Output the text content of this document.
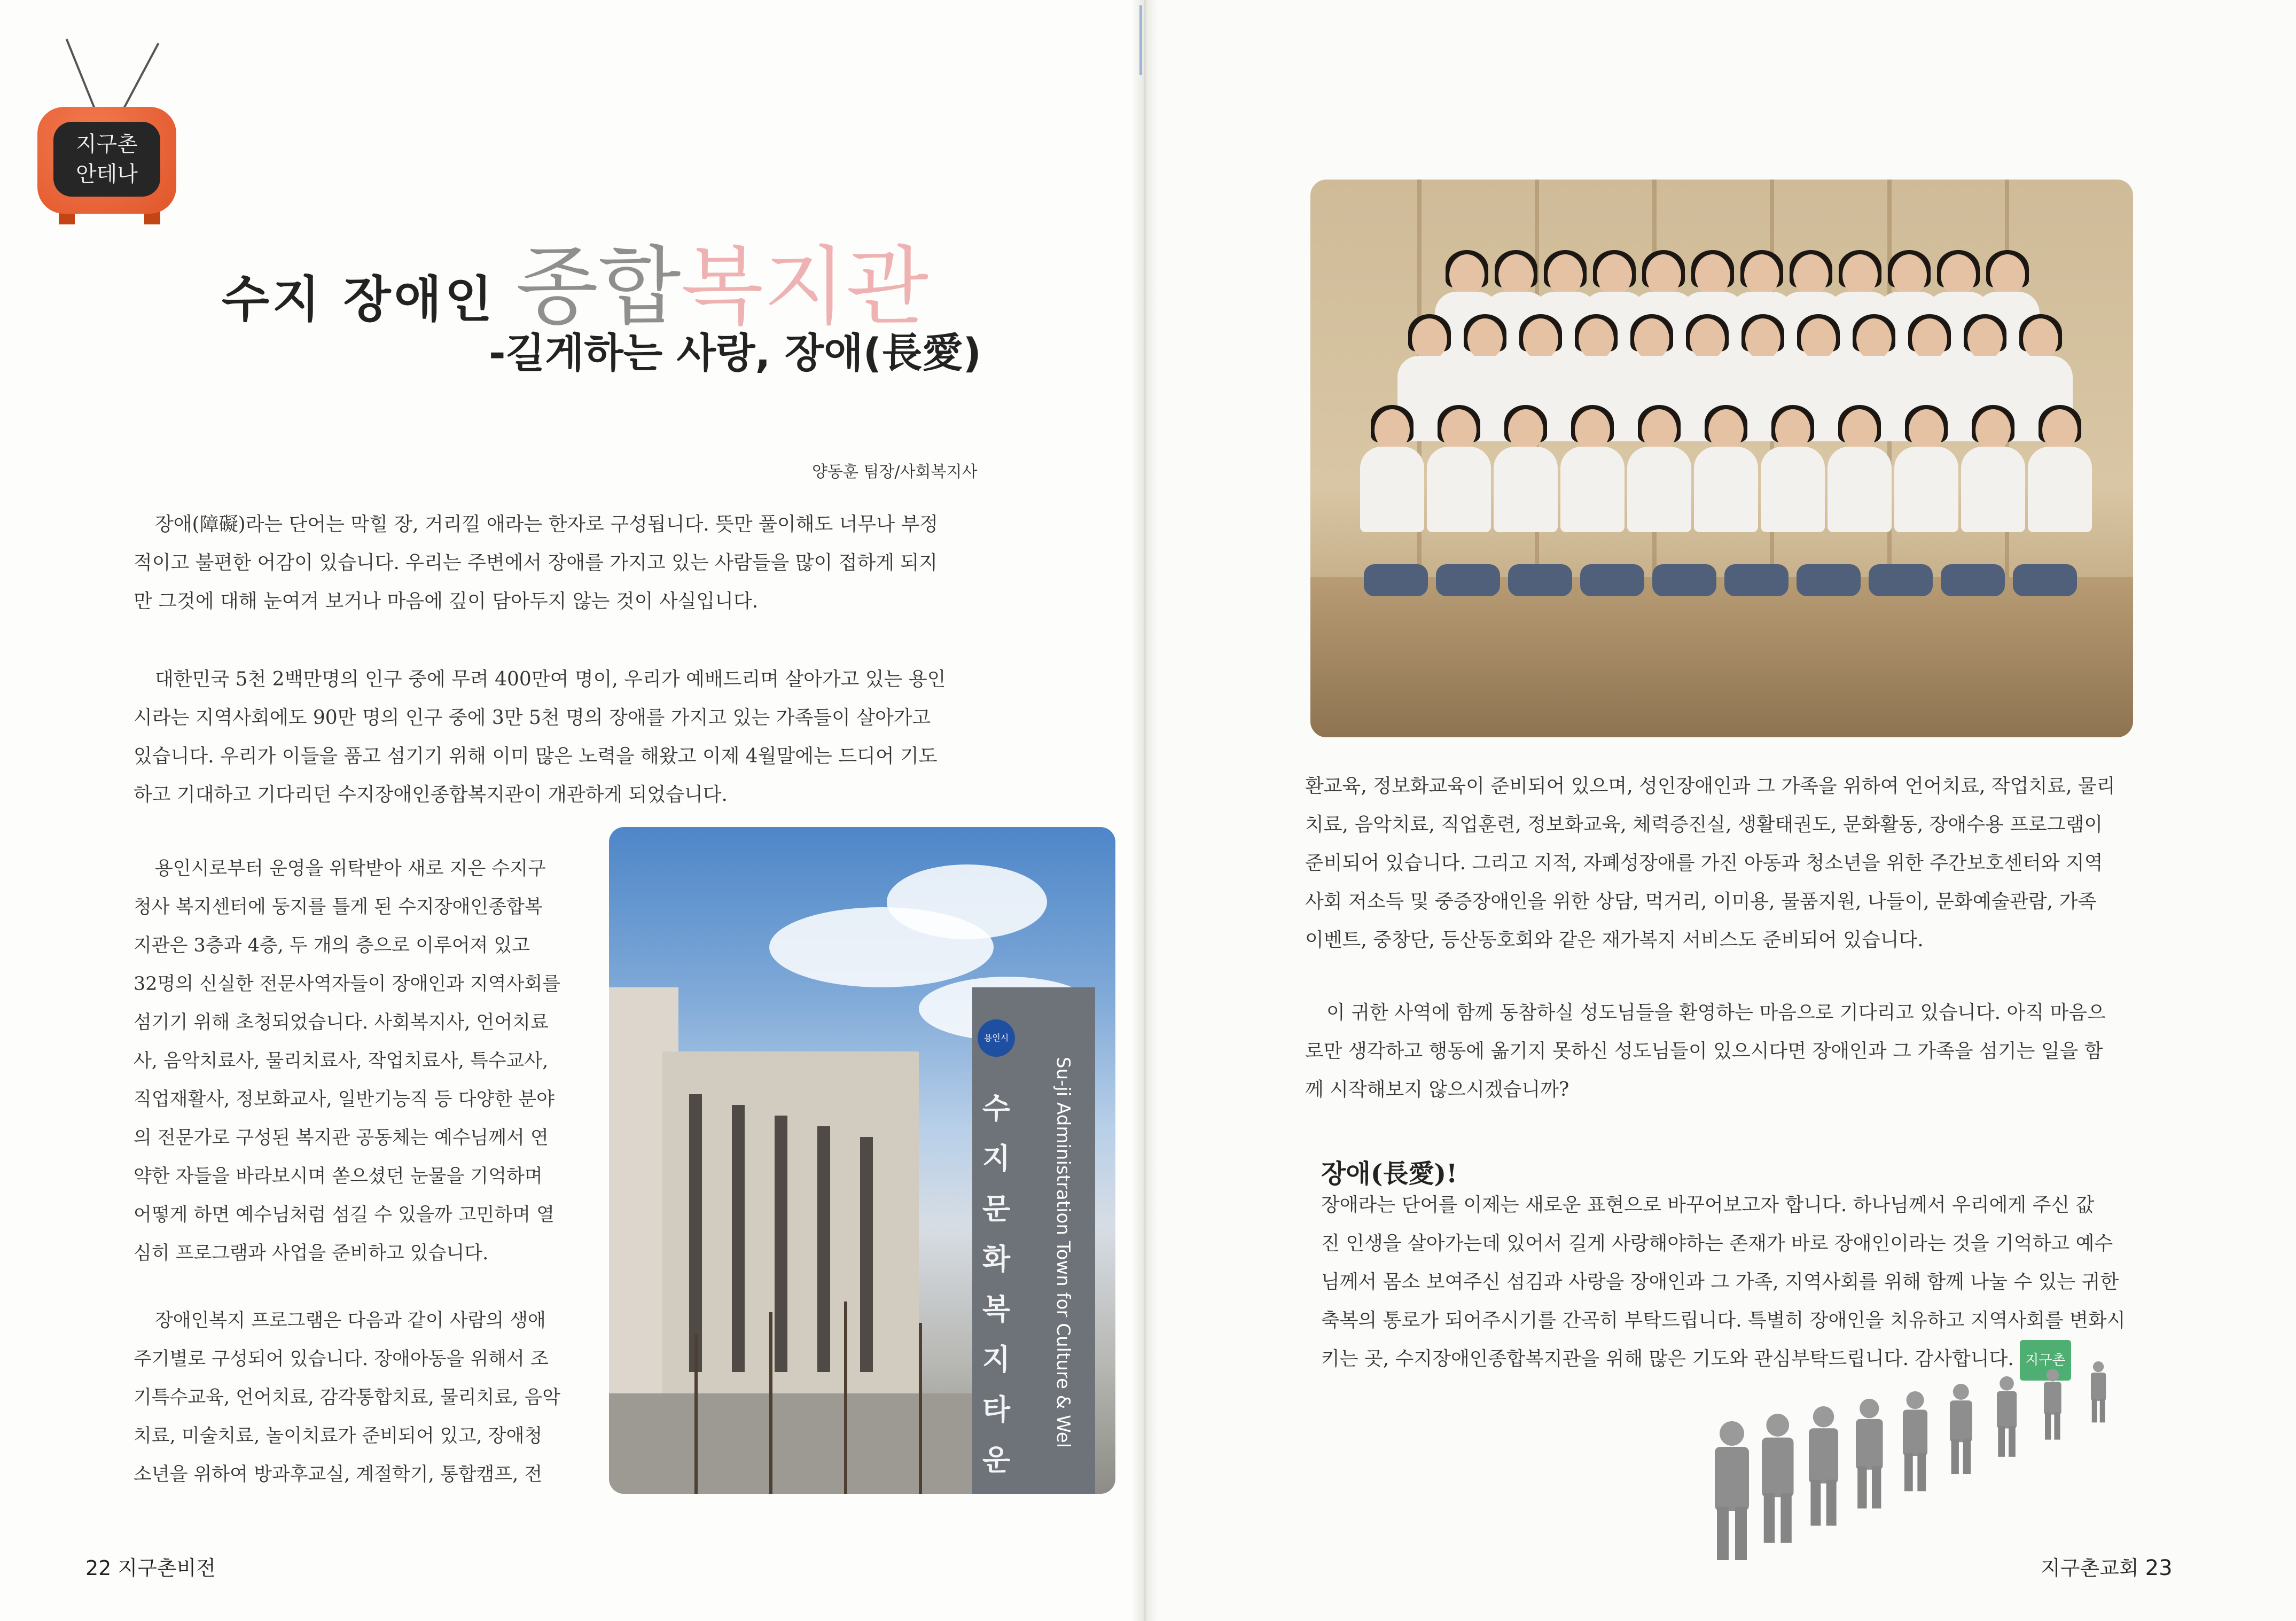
지구촌
안테나
수지 장애인 종합복지관
-길게하는 사랑, 장애(長愛)
양동훈 팀장/사회복지사
장애(障礙)라는 단어는 막힐 장, 거리낄 애라는 한자로 구성됩니다. 뜻만 풀이해도 너무나 부정
적이고 불편한 어감이 있습니다. 우리는 주변에서 장애를 가지고 있는 사람들을 많이 접하게 되지
만 그것에 대해 눈여겨 보거나 마음에 깊이 담아두지 않는 것이 사실입니다.
대한민국 5천 2백만명의 인구 중에 무려 400만여 명이, 우리가 예배드리며 살아가고 있는 용인
시라는 지역사회에도 90만 명의 인구 중에 3만 5천 명의 장애를 가지고 있는 가족들이 살아가고
있습니다. 우리가 이들을 품고 섬기기 위해 이미 많은 노력을 해왔고 이제 4월말에는 드디어 기도
하고 기대하고 기다리던 수지장애인종합복지관이 개관하게 되었습니다.
용인시로부터 운영을 위탁받아 새로 지은 수지구
청사 복지센터에 둥지를 틀게 된 수지장애인종합복
지관은 3층과 4층, 두 개의 층으로 이루어져 있고
32명의 신실한 전문사역자들이 장애인과 지역사회를
섬기기 위해 초청되었습니다. 사회복지사, 언어치료
사, 음악치료사, 물리치료사, 작업치료사, 특수교사,
직업재활사, 정보화교사, 일반기능직 등 다양한 분야
의 전문가로 구성된 복지관 공동체는 예수님께서 연
약한 자들을 바라보시며 쏟으셨던 눈물을 기억하며
어떻게 하면 예수님처럼 섬길 수 있을까 고민하며 열
심히 프로그램과 사업을 준비하고 있습니다.
장애인복지 프로그램은 다음과 같이 사람의 생애
주기별로 구성되어 있습니다. 장애아동을 위해서 조
기특수교육, 언어치료, 감각통합치료, 물리치료, 음악
치료, 미술치료, 놀이치료가 준비되어 있고, 장애청
소년을 위하여 방과후교실, 계절학기, 통합캠프, 전
용인시
수
지
문
화
복
지
타
운
Su-ji Administration Town for Culture & Wel
환교육, 정보화교육이 준비되어 있으며, 성인장애인과 그 가족을 위하여 언어치료, 작업치료, 물리
치료, 음악치료, 직업훈련, 정보화교육, 체력증진실, 생활태권도, 문화활동, 장애수용 프로그램이
준비되어 있습니다. 그리고 지적, 자폐성장애를 가진 아동과 청소년을 위한 주간보호센터와 지역
사회 저소득 및 중증장애인을 위한 상담, 먹거리, 이미용, 물품지원, 나들이, 문화예술관람, 가족
이벤트, 중창단, 등산동호회와 같은 재가복지 서비스도 준비되어 있습니다.
이 귀한 사역에 함께 동참하실 성도님들을 환영하는 마음으로 기다리고 있습니다. 아직 마음으
로만 생각하고 행동에 옮기지 못하신 성도님들이 있으시다면 장애인과 그 가족을 섬기는 일을 함
께 시작해보지 않으시겠습니까?
장애(長愛)!
장애라는 단어를 이제는 새로운 표현으로 바꾸어보고자 합니다. 하나님께서 우리에게 주신 값
진 인생을 살아가는데 있어서 길게 사랑해야하는 존재가 바로 장애인이라는 것을 기억하고 예수
님께서 몸소 보여주신 섬김과 사랑을 장애인과 그 가족, 지역사회를 위해 함께 나눌 수 있는 귀한
축복의 통로가 되어주시기를 간곡히 부탁드립니다. 특별히 장애인을 치유하고 지역사회를 변화시
키는 곳, 수지장애인종합복지관을 위해 많은 기도와 관심부탁드립니다. 감사합니다. 지구촌
22 지구촌비전	지구촌교회 23
